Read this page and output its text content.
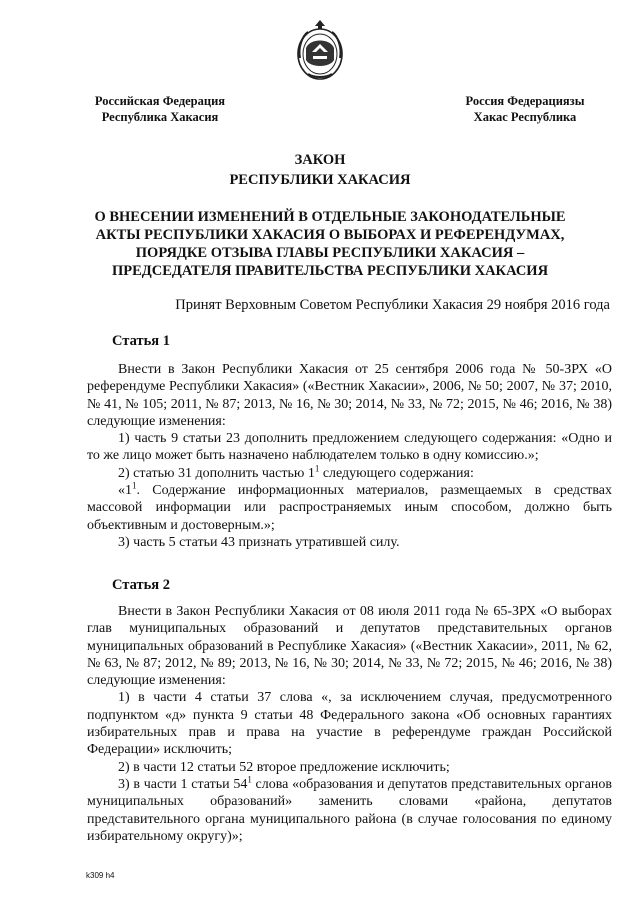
Российская Федерация
Республика Хакасия
Россия Федерациязы
Хакас Республика
ЗАКОН
РЕСПУБЛИКИ ХАКАСИЯ
О ВНЕСЕНИИ ИЗМЕНЕНИЙ В ОТДЕЛЬНЫЕ ЗАКОНОДАТЕЛЬНЫЕ
АКТЫ РЕСПУБЛИКИ ХАКАСИЯ О ВЫБОРАХ И РЕФЕРЕНДУМАХ,
ПОРЯДКЕ ОТЗЫВА ГЛАВЫ РЕСПУБЛИКИ ХАКАСИЯ –
ПРЕДСЕДАТЕЛЯ ПРАВИТЕЛЬСТВА РЕСПУБЛИКИ ХАКАСИЯ
Принят Верховным Советом Республики Хакасия 29 ноября 2016 года
Статья 1

Внести в Закон Республики Хакасия от 25 сентября 2006 года № 50-ЗРХ «О референдуме Республики Хакасия» («Вестник Хакасии», 2006, № 50; 2007, № 37; 2010, № 41, № 105; 2011, № 87; 2013, № 16, № 30; 2014, № 33, № 72; 2015, № 46; 2016, № 38) следующие изменения:

1) часть 9 статьи 23 дополнить предложением следующего содержания: «Одно и то же лицо может быть назначено наблюдателем только в одну комиссию.»;

2) статью 31 дополнить частью $1^1$ следующего содержания:

«$1^1$. Содержание информационных материалов, размещаемых в средствах массовой информации или распространяемых иным способом, должно быть объективным и достоверным.»;

3) часть 5 статьи 43 признать утратившей силу.

Статья 2

Внести в Закон Республики Хакасия от 08 июля 2011 года № 65-ЗРХ «О выборах глав муниципальных образований и депутатов представительных органов муниципальных образований в Республике Хакасия» («Вестник Хакасии», 2011, № 62, № 63, № 87; 2012, № 89; 2013, № 16, № 30; 2014, № 33, № 72; 2015, № 46; 2016, № 38) следующие изменения:

1) в части 4 статьи 37 слова «, за исключением случая, предусмотренного подпунктом «д» пункта 9 статьи 48 Федерального закона «Об основных гарантиях избирательных прав и права на участие в референдуме граждан Российской Федерации» исключить;

2) в части 12 статьи 52 второе предложение исключить;

3) в части 1 статьи $54^1$ слова «образования и депутатов представительных органов муниципальных образований» заменить словами «района, депутатов представительного органа муниципального района (в случае голосования по единому избирательному округу)»;

k309 h4
